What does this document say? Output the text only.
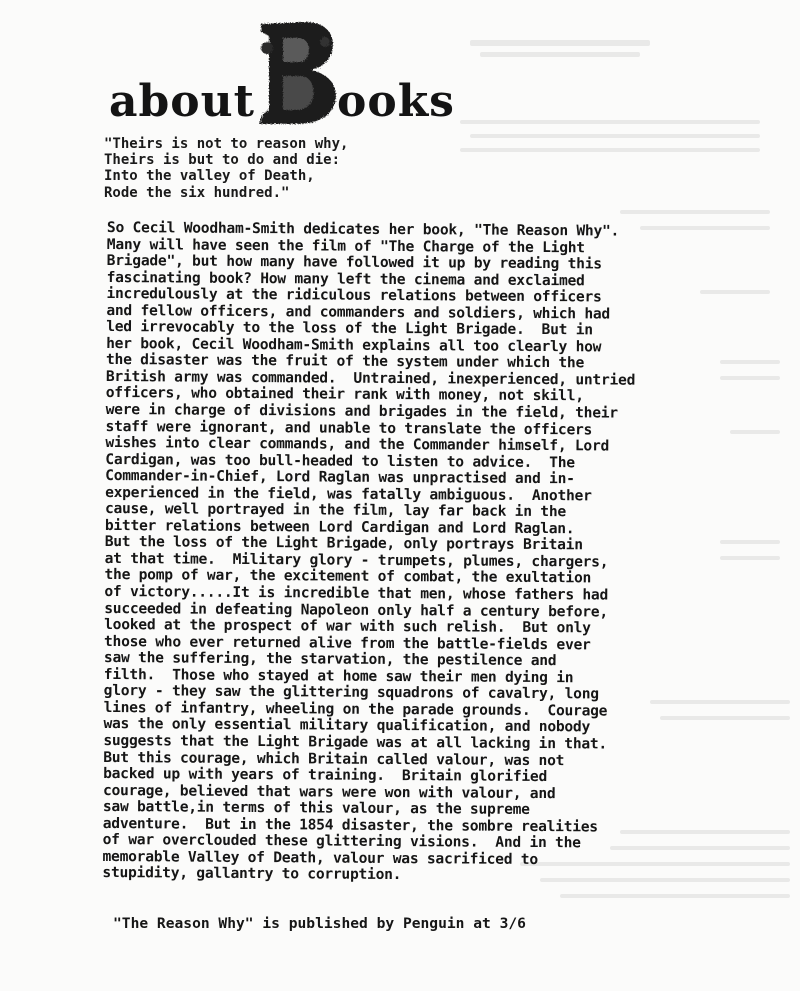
about ooks
"Theirs is not to reason why,
Theirs is but to do and die:
Into the valley of Death,
Rode the six hundred."
So Cecil Woodham-Smith dedicates her book, "The Reason Why".
Many will have seen the film of "The Charge of the Light
Brigade", but how many have followed it up by reading this
fascinating book? How many left the cinema and exclaimed
incredulously at the ridiculous relations between officers
and fellow officers, and commanders and soldiers, which had
led irrevocably to the loss of the Light Brigade.  But in
her book, Cecil Woodham-Smith explains all too clearly how
the disaster was the fruit of the system under which the
British army was commanded.  Untrained, inexperienced, untried
officers, who obtained their rank with money, not skill,
were in charge of divisions and brigades in the field, their
staff were ignorant, and unable to translate the officers
wishes into clear commands, and the Commander himself, Lord
Cardigan, was too bull-headed to listen to advice.  The
Commander-in-Chief, Lord Raglan was unpractised and in-
experienced in the field, was fatally ambiguous.  Another
cause, well portrayed in the film, lay far back in the
bitter relations between Lord Cardigan and Lord Raglan.
But the loss of the Light Brigade, only portrays Britain
at that time.  Military glory - trumpets, plumes, chargers,
the pomp of war, the excitement of combat, the exultation
of victory.....It is incredible that men, whose fathers had
succeeded in defeating Napoleon only half a century before,
looked at the prospect of war with such relish.  But only
those who ever returned alive from the battle-fields ever
saw the suffering, the starvation, the pestilence and
filth.  Those who stayed at home saw their men dying in
glory - they saw the glittering squadrons of cavalry, long
lines of infantry, wheeling on the parade grounds.  Courage
was the only essential military qualification, and nobody
suggests that the Light Brigade was at all lacking in that.
But this courage, which Britain called valour, was not
backed up with years of training.  Britain glorified
courage, believed that wars were won with valour, and
saw battle,in terms of this valour, as the supreme
adventure.  But in the 1854 disaster, the sombre realities
of war overclouded these glittering visions.  And in the
memorable Valley of Death, valour was sacrificed to
stupidity, gallantry to corruption.
"The Reason Why" is published by Penguin at 3/6
